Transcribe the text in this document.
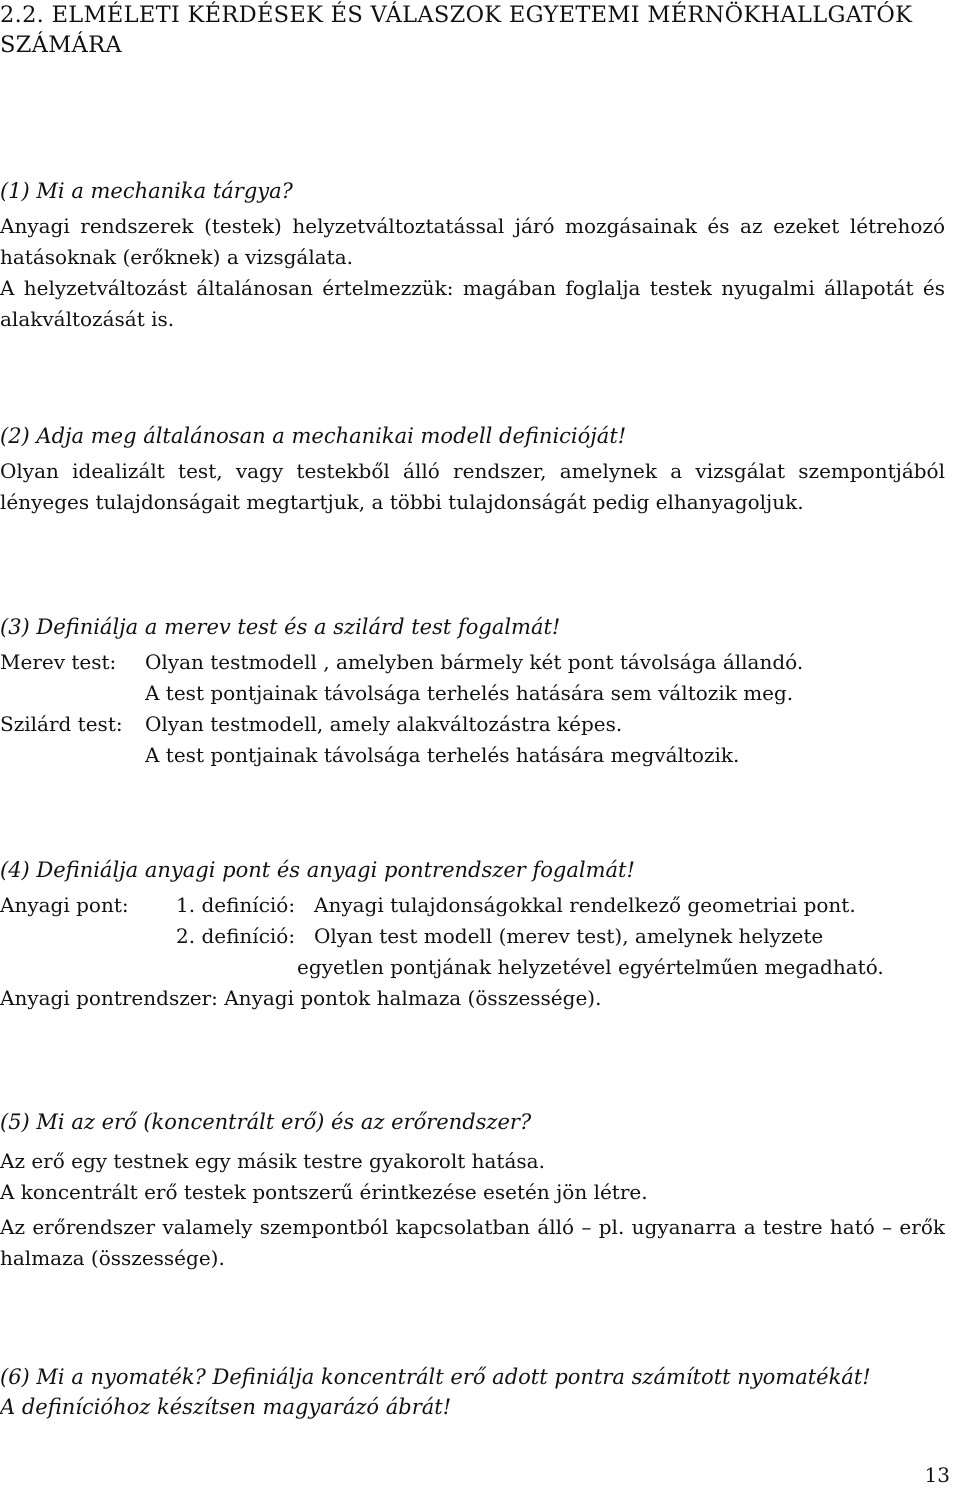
2.2. ELMÉLETI KÉRDÉSEK ÉS VÁLASZOK EGYETEMI MÉRNÖKHALLGATÓK SZÁMÁRA
(1) Mi a mechanika tárgya?

Anyagi rendszerek (testek) helyzetváltoztatással járó mozgásainak és az ezeket létrehozó hatásoknak (erőknek) a vizsgálata.

A helyzetváltozást általánosan értelmezzük: magában foglalja testek nyugalmi állapotát és alakváltozását is.

(2) Adja meg általánosan a mechanikai modell definicióját!

Olyan idealizált test, vagy testekből álló rendszer, amelynek a vizsgálat szempontjából lényeges tulajdonságait megtartjuk, a többi tulajdonságát pedig elhanyagoljuk.

(3) Definiálja a merev test és a szilárd test fogalmát!
Merev test: Olyan testmodell , amelyben bármely két pont távolsága állandó.
A test pontjainak távolsága terhelés hatására sem változik meg.
Szilárd test: Olyan testmodell, amely alakváltozástra képes.
A test pontjainak távolsága terhelés hatására megváltozik.
(4) Definiálja anyagi pont és anyagi pontrendszer fogalmát!
Anyagi pont: 1. definíció: Anyagi tulajdonságokkal rendelkező geometriai pont.
2. definíció: Olyan test modell (merev test), amelynek helyzete
egyetlen pontjának helyzetével egyértelműen megadható.
Anyagi pontrendszer: Anyagi pontok halmaza (összessége).
(5) Mi az erő (koncentrált erő) és az erőrendszer?

Az erő egy testnek egy másik testre gyakorolt hatása.

A koncentrált erő testek pontszerű érintkezése esetén jön létre.

Az erőrendszer valamely szempontból kapcsolatban álló – pl. ugyanarra a testre ható – erők halmaza (összessége).

(6) Mi a nyomaték? Definiálja koncentrált erő adott pontra számított nyomatékát!
A definícióhoz készítsen magyarázó ábrát!
13
